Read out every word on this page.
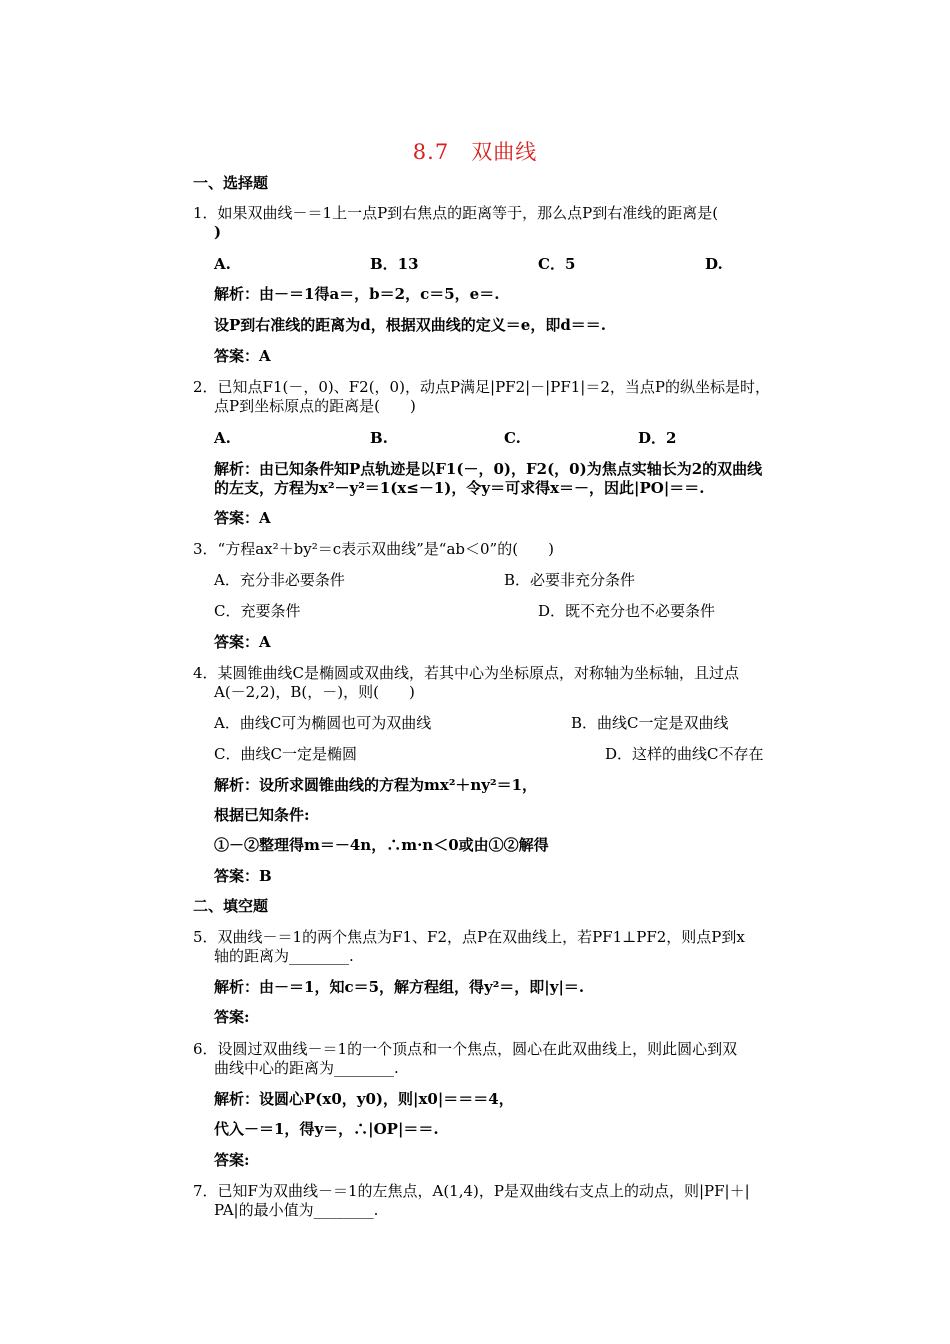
8.7　双曲线
一、选择题
1．如果双曲线－＝1上一点P到右焦点的距离等于，那么点P到右准线的距离是(
)
A.	B．13	C．5	D.
解析：由－＝1得a＝，b＝2，c＝5，e＝.
设P到右准线的距离为d，根据双曲线的定义＝e，即d＝＝.
答案：A
2．已知点F1(－，0)、F2(，0)，动点P满足|PF2|－|PF1|＝2，当点P的纵坐标是时，
点P到坐标原点的距离是(　　)
A.	B.	C.	D．2
解析：由已知条件知P点轨迹是以F1(－，0)，F2(，0)为焦点实轴长为2的双曲线
的左支，方程为x²－y²＝1(x≤－1)，令y＝可求得x＝－，因此|PO|＝＝.
答案：A
3．“方程ax²＋by²＝c表示双曲线”是“ab＜0”的(　　)
A．充分非必要条件	B．必要非充分条件
C．充要条件	D．既不充分也不必要条件
答案：A
4．某圆锥曲线C是椭圆或双曲线，若其中心为坐标原点，对称轴为坐标轴，且过点
A(－2,2)，B(，－)，则(　　)
A．曲线C可为椭圆也可为双曲线	B．曲线C一定是双曲线
C．曲线C一定是椭圆	D．这样的曲线C不存在
解析：设所求圆锥曲线的方程为mx²＋ny²＝1，
根据已知条件:
①－②整理得m＝－4n，∴m·n＜0或由①②解得
答案：B
二、填空题
5．双曲线－＝1的两个焦点为F1、F2，点P在双曲线上，若PF1⊥PF2，则点P到x
轴的距离为________.
解析：由－＝1，知c＝5，解方程组，得y²＝，即|y|＝.
答案:
6．设圆过双曲线－＝1的一个顶点和一个焦点，圆心在此双曲线上，则此圆心到双
曲线中心的距离为________.
解析：设圆心P(x0，y0)，则|x0|＝＝＝4，
代入－＝1，得y＝，∴|OP|＝＝.
答案:
7．已知F为双曲线－＝1的左焦点，A(1,4)，P是双曲线右支点上的动点，则|PF|＋|
PA|的最小值为________.
